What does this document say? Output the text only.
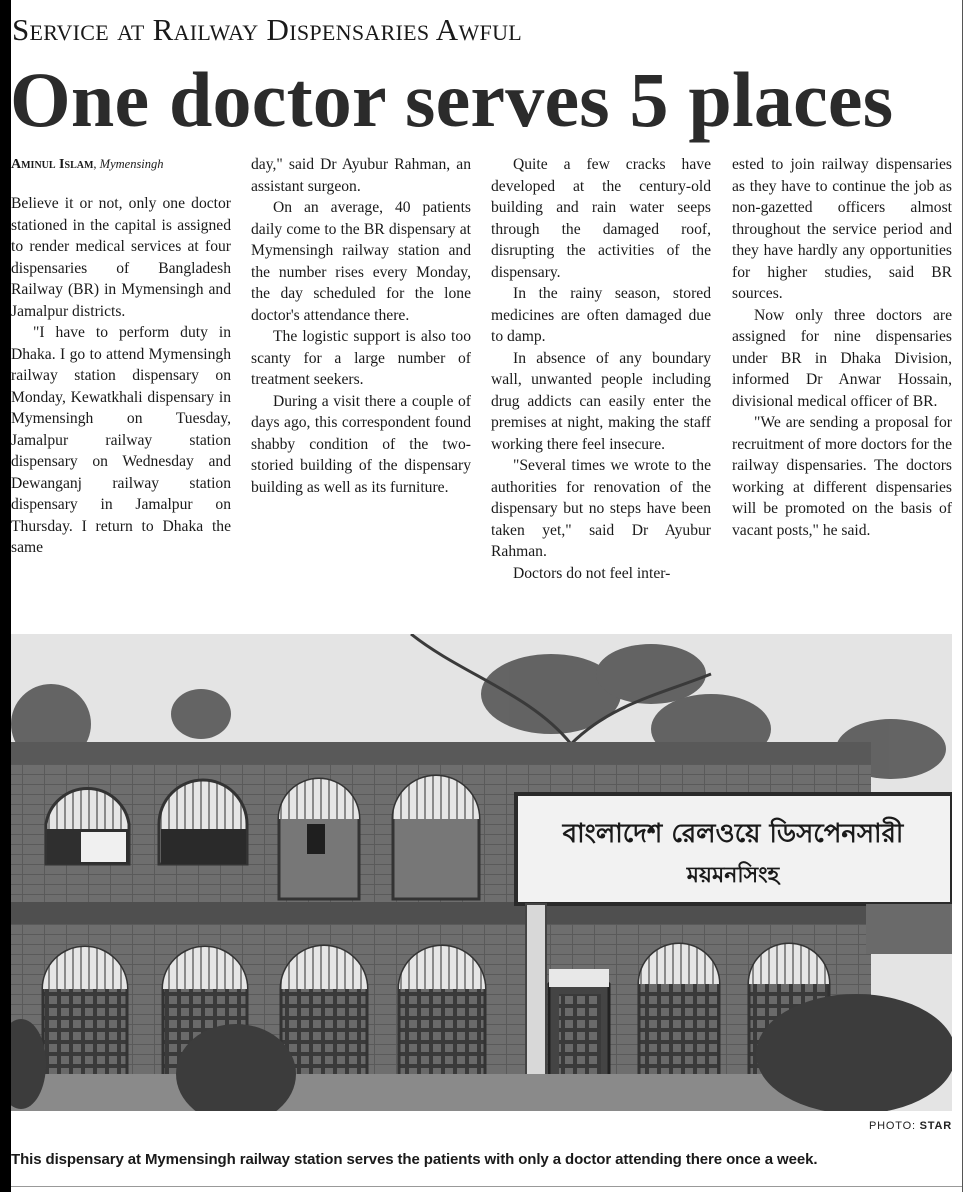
Service at Railway Dispensaries Awful
One doctor serves 5 places

Aminul Islam, Mymensingh

Believe it or not, only one doctor stationed in the capital is assigned to render medical services at four dispensaries of Bangladesh Railway (BR) in Mymensingh and Jamalpur districts.

"I have to perform duty in Dhaka. I go to attend Mymensingh railway station dispensary on Monday, Kewatkhali dispensary in Mymensingh on Tuesday, Jamalpur railway station dispensary on Wednesday and Dewanganj railway station dispensary in Jamalpur on Thursday. I return to Dhaka the same

day," said Dr Ayubur Rahman, an assistant surgeon.

On an average, 40 patients daily come to the BR dispensary at Mymensingh railway station and the number rises every Monday, the day scheduled for the lone doctor's attendance there.

The logistic support is also too scanty for a large number of treatment seekers.

During a visit there a couple of days ago, this correspondent found shabby condition of the two-storied building of the dispensary building as well as its furniture.

Quite a few cracks have developed at the century-old building and rain water seeps through the damaged roof, disrupting the activities of the dispensary.

In the rainy season, stored medicines are often damaged due to damp.

In absence of any boundary wall, unwanted people including drug addicts can easily enter the premises at night, making the staff working there feel insecure.

"Several times we wrote to the authorities for renovation of the dispensary but no steps have been taken yet," said Dr Ayubur Rahman.

Doctors do not feel inter-

ested to join railway dispensaries as they have to continue the job as non-gazetted officers almost throughout the service period and they have hardly any opportunities for higher studies, said BR sources.

Now only three doctors are assigned for nine dispensaries under BR in Dhaka Division, informed Dr Anwar Hossain, divisional medical officer of BR.

"We are sending a proposal for recruitment of more doctors for the railway dispensaries. The doctors working at different dispensaries will be promoted on the basis of vacant posts," he said.

বাংলাদেশ রেলওয়ে ডিসপেনসারী
ময়মনসিংহ
PHOTO: STAR
This dispensary at Mymensingh railway station serves the patients with only a doctor attending there once a week.
